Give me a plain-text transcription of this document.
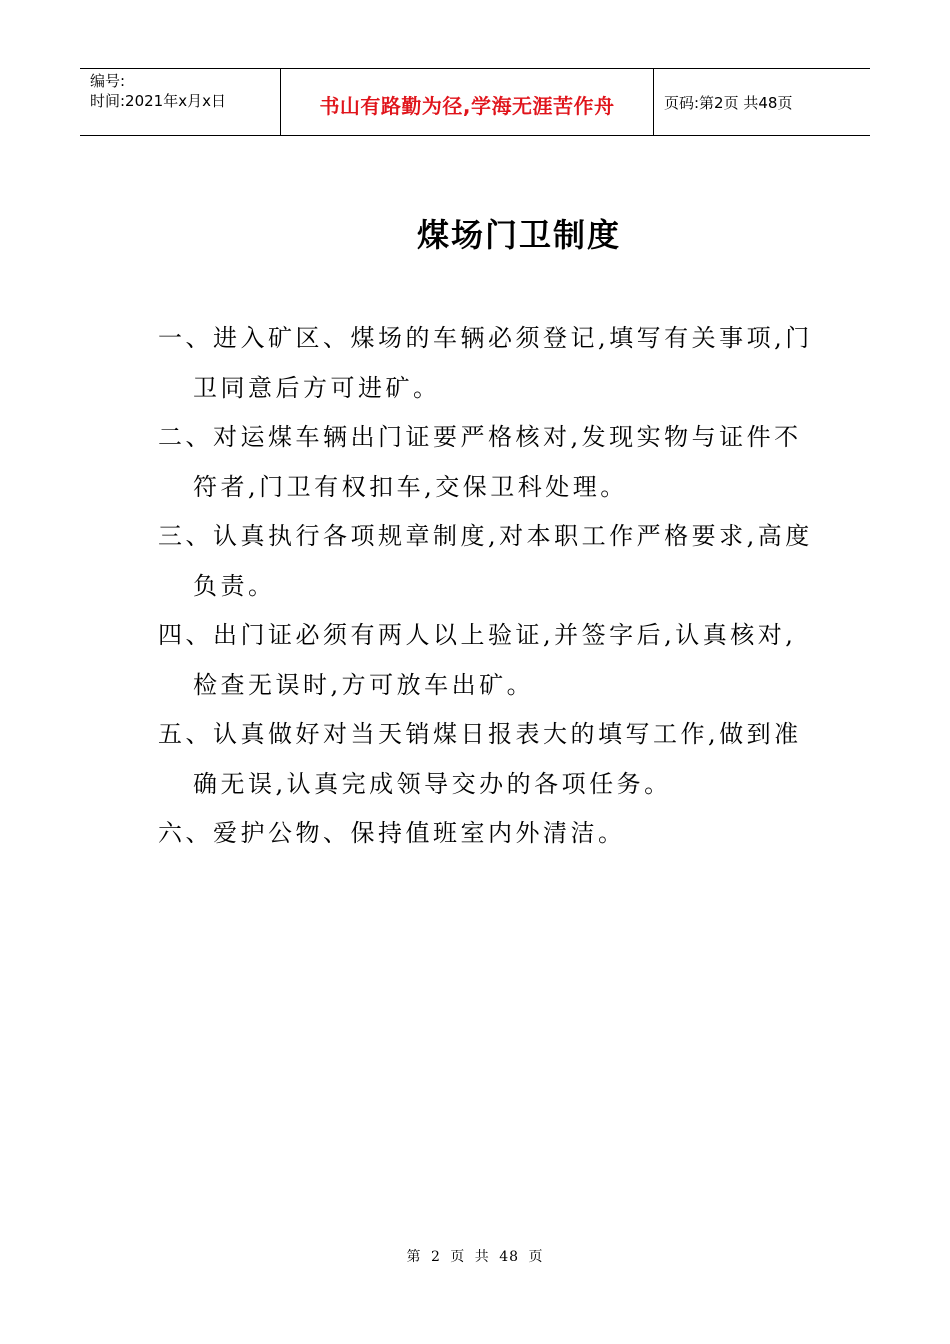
编号:
时间:2021年x月x日	书山有路勤为径,学海无涯苦作舟	页码:第2页 共48页
煤场门卫制度
一、进入矿区、煤场的车辆必须登记,填写有关事项,门卫同意后方可进矿。
二、对运煤车辆出门证要严格核对,发现实物与证件不符者,门卫有权扣车,交保卫科处理。
三、认真执行各项规章制度,对本职工作严格要求,高度负责。
四、出门证必须有两人以上验证,并签字后,认真核对,检查无误时,方可放车出矿。
五、认真做好对当天销煤日报表大的填写工作,做到准确无误,认真完成领导交办的各项任务。
六、爱护公物、保持值班室内外清洁。
第 2 页 共 48 页
